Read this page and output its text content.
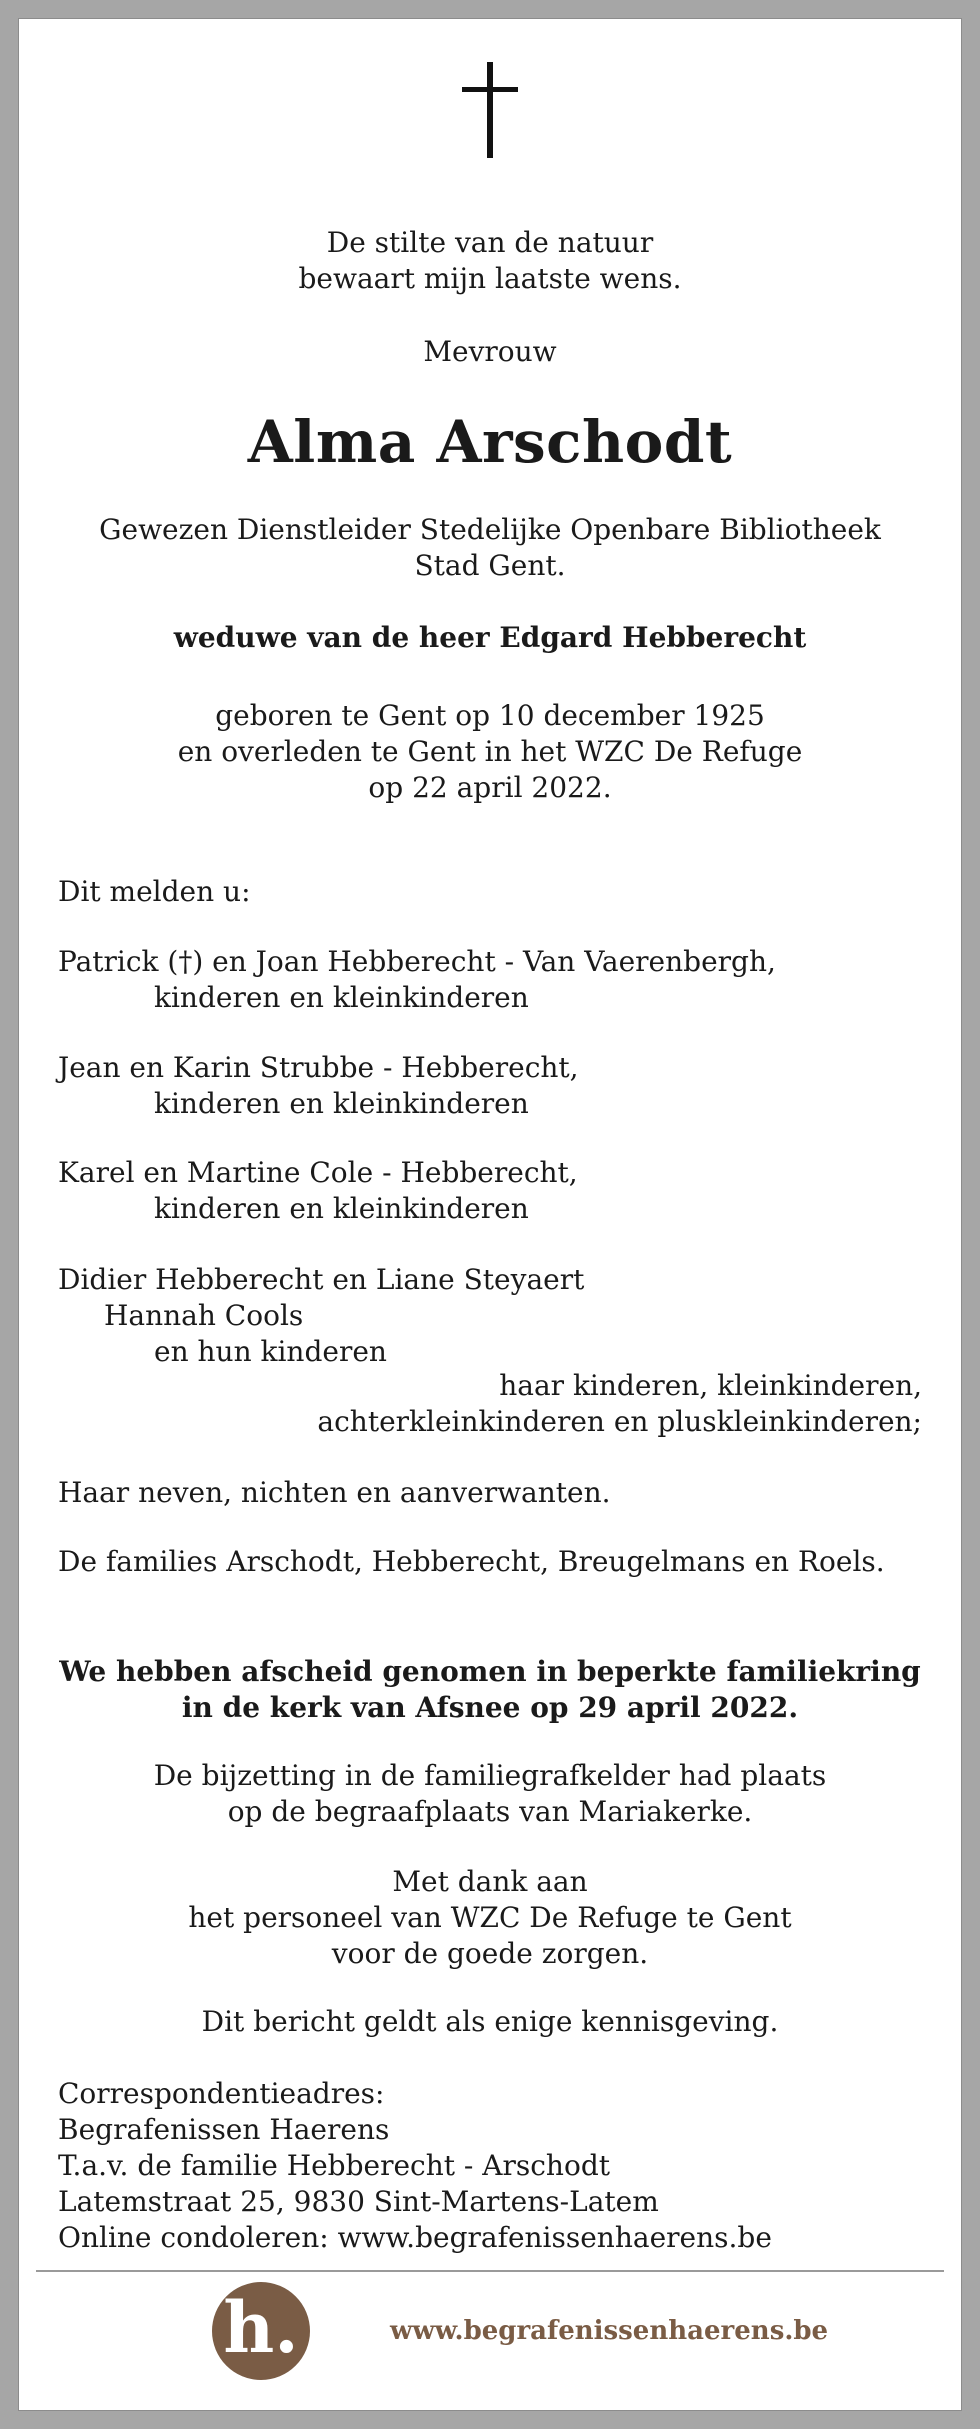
De stilte van de natuur
bewaart mijn laatste wens.
Mevrouw
Alma Arschodt
Gewezen Dienstleider Stedelijke Openbare Bibliotheek
Stad Gent.
weduwe van de heer Edgard Hebberecht
geboren te Gent op 10 december 1925
en overleden te Gent in het WZC De Refuge
op 22 april 2022.
Dit melden u:
Patrick (†) en Joan Hebberecht - Van Vaerenbergh,
kinderen en kleinkinderen
Jean en Karin Strubbe - Hebberecht,
kinderen en kleinkinderen
Karel en Martine Cole - Hebberecht,
kinderen en kleinkinderen
Didier Hebberecht en Liane Steyaert
Hannah Cools
en hun kinderen
haar kinderen, kleinkinderen,
achterkleinkinderen en pluskleinkinderen;
Haar neven, nichten en aanverwanten.
De families Arschodt, Hebberecht, Breugelmans en Roels.
We hebben afscheid genomen in beperkte familiekring
in de kerk van Afsnee op 29 april 2022.
De bijzetting in de familiegrafkelder had plaats
op de begraafplaats van Mariakerke.
Met dank aan
het personeel van WZC De Refuge te Gent
voor de goede zorgen.
Dit bericht geldt als enige kennisgeving.
Correspondentieadres:
Begrafenissen Haerens
T.a.v. de familie Hebberecht - Arschodt
Latemstraat 25, 9830 Sint-Martens-Latem
Online condoleren: www.begrafenissenhaerens.be
h.	www.begrafenissenhaerens.be
